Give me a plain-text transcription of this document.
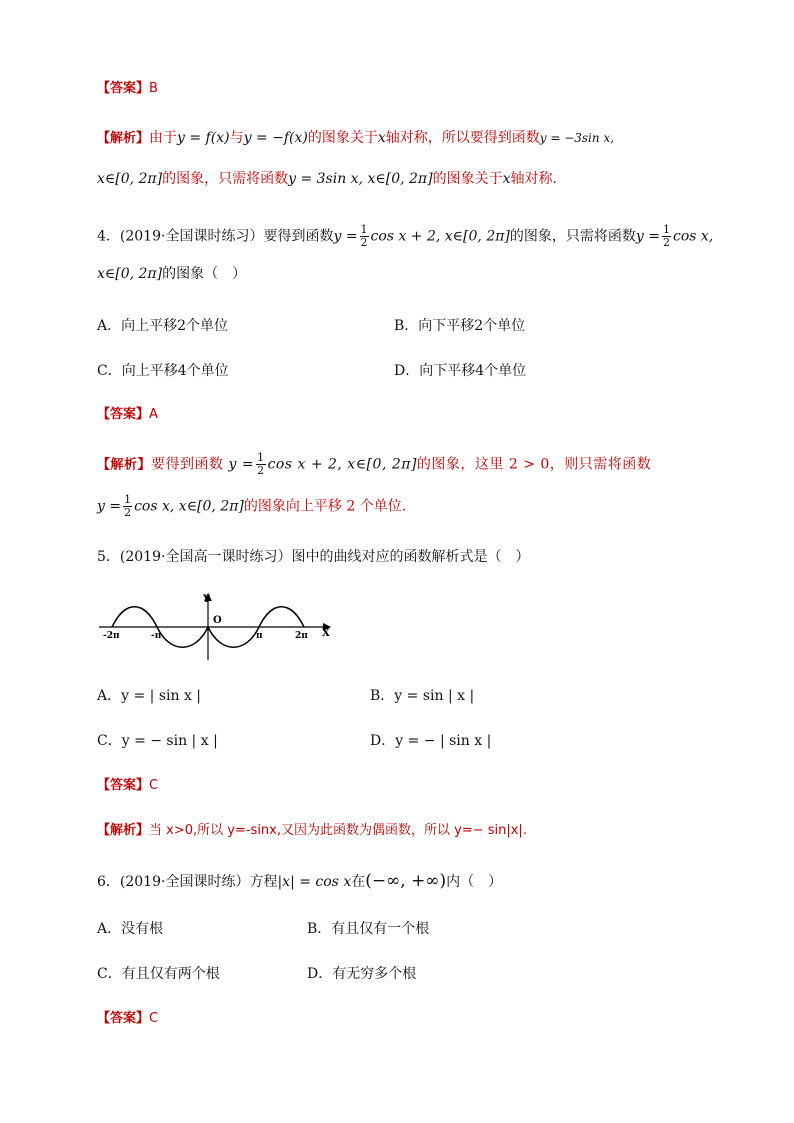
【答案】B
【解析】由于y = f(x)与y = −f(x)的图象关于x轴对称，所以要得到函数y = −3sin x,
x∈[0, 2π]的图象，只需将函数y = 3sin x, x∈[0, 2π]的图象关于x轴对称.
4．(2019·全国课时练习）要得到函数$y = \frac{1}{2}$ cos x + 2, x∈[0, 2π]的图象，只需将函数$y = \frac{1}{2}$ cos x,
x∈[0, 2π]的图象（　）
A．向上平移2个单位	B．向下平移2个单位
C．向上平移4个单位	D．向下平移4个单位
【答案】A
【解析】要得到函数 $y = \frac{1}{2}$ cos x + 2, x∈[0, 2π]的图象，这里 2 > 0，则只需将函数
$y = \frac{1}{2}$ cos x, x∈[0, 2π]的图象向上平移 2 个单位.
5．(2019·全国高一课时练习）图中的曲线对应的函数解析式是（　）
Y
X
O
-2π	-π	π	2π
A．y = | sin x |	B．y = sin | x |
C．y = − sin | x |	D．y = − | sin x |
【答案】C
【解析】当 x>0,所以 y=-sinx,又因为此函数为偶函数，所以 y=− sin|x|.
6．(2019·全国课时练）方程|x| = cos x在(−∞, +∞)内（　）
A．没有根	B．有且仅有一个根
C．有且仅有两个根	D．有无穷多个根
【答案】C
